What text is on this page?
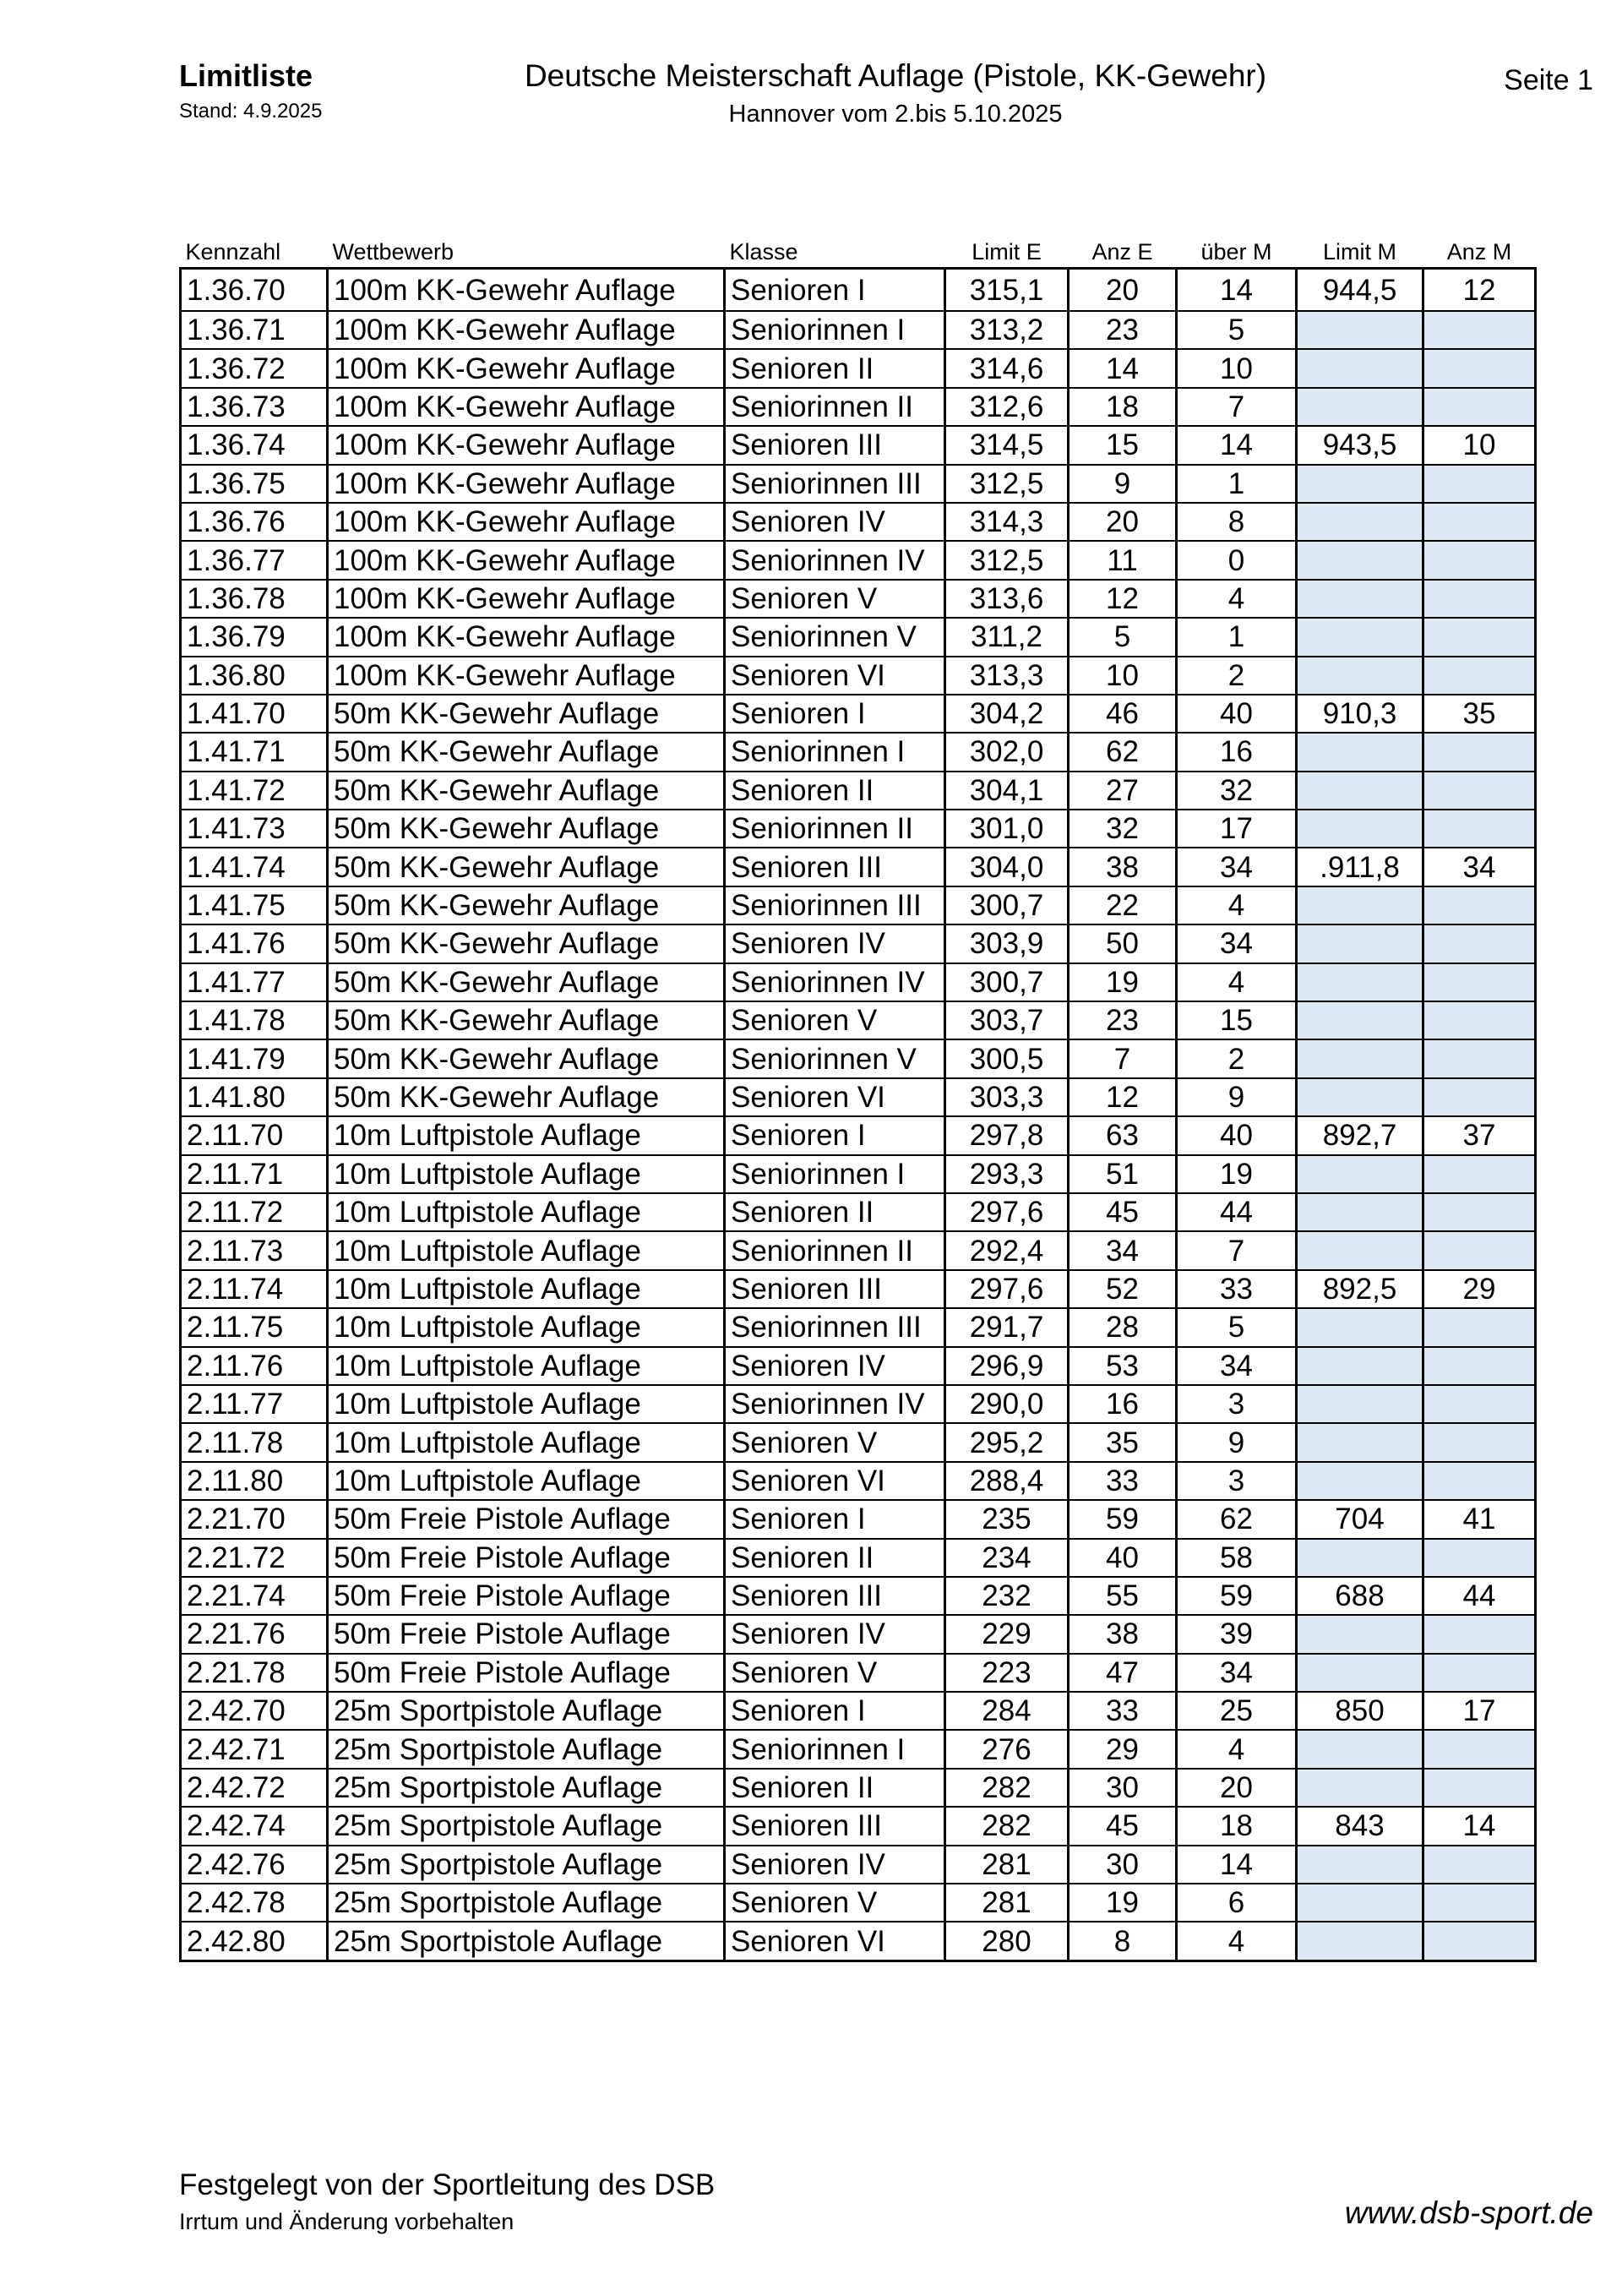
Limitliste
Stand: 4.9.2025
Deutsche Meisterschaft Auflage (Pistole, KK-Gewehr)
Hannover vom 2.bis 5.10.2025
Seite 1
Kennzahl	Wettbewerb	Klasse	Limit E	Anz E	über M	Limit M	Anz M
1.36.70	100m KK-Gewehr Auflage	Senioren I	315,1	20	14	944,5	12
1.36.71	100m KK-Gewehr Auflage	Seniorinnen I	313,2	23	5		
1.36.72	100m KK-Gewehr Auflage	Senioren II	314,6	14	10		
1.36.73	100m KK-Gewehr Auflage	Seniorinnen II	312,6	18	7		
1.36.74	100m KK-Gewehr Auflage	Senioren III	314,5	15	14	943,5	10
1.36.75	100m KK-Gewehr Auflage	Seniorinnen III	312,5	9	1		
1.36.76	100m KK-Gewehr Auflage	Senioren IV	314,3	20	8		
1.36.77	100m KK-Gewehr Auflage	Seniorinnen IV	312,5	11	0		
1.36.78	100m KK-Gewehr Auflage	Senioren V	313,6	12	4		
1.36.79	100m KK-Gewehr Auflage	Seniorinnen V	311,2	5	1		
1.36.80	100m KK-Gewehr Auflage	Senioren VI	313,3	10	2		
1.41.70	50m KK-Gewehr Auflage	Senioren I	304,2	46	40	910,3	35
1.41.71	50m KK-Gewehr Auflage	Seniorinnen I	302,0	62	16		
1.41.72	50m KK-Gewehr Auflage	Senioren II	304,1	27	32		
1.41.73	50m KK-Gewehr Auflage	Seniorinnen II	301,0	32	17		
1.41.74	50m KK-Gewehr Auflage	Senioren III	304,0	38	34	.911,8	34
1.41.75	50m KK-Gewehr Auflage	Seniorinnen III	300,7	22	4		
1.41.76	50m KK-Gewehr Auflage	Senioren IV	303,9	50	34		
1.41.77	50m KK-Gewehr Auflage	Seniorinnen IV	300,7	19	4		
1.41.78	50m KK-Gewehr Auflage	Senioren V	303,7	23	15		
1.41.79	50m KK-Gewehr Auflage	Seniorinnen V	300,5	7	2		
1.41.80	50m KK-Gewehr Auflage	Senioren VI	303,3	12	9		
2.11.70	10m Luftpistole Auflage	Senioren I	297,8	63	40	892,7	37
2.11.71	10m Luftpistole Auflage	Seniorinnen I	293,3	51	19		
2.11.72	10m Luftpistole Auflage	Senioren II	297,6	45	44		
2.11.73	10m Luftpistole Auflage	Seniorinnen II	292,4	34	7		
2.11.74	10m Luftpistole Auflage	Senioren III	297,6	52	33	892,5	29
2.11.75	10m Luftpistole Auflage	Seniorinnen III	291,7	28	5		
2.11.76	10m Luftpistole Auflage	Senioren IV	296,9	53	34		
2.11.77	10m Luftpistole Auflage	Seniorinnen IV	290,0	16	3		
2.11.78	10m Luftpistole Auflage	Senioren V	295,2	35	9		
2.11.80	10m Luftpistole Auflage	Senioren VI	288,4	33	3		
2.21.70	50m Freie Pistole Auflage	Senioren I	235	59	62	704	41
2.21.72	50m Freie Pistole Auflage	Senioren II	234	40	58		
2.21.74	50m Freie Pistole Auflage	Senioren III	232	55	59	688	44
2.21.76	50m Freie Pistole Auflage	Senioren IV	229	38	39		
2.21.78	50m Freie Pistole Auflage	Senioren V	223	47	34		
2.42.70	25m Sportpistole Auflage	Senioren I	284	33	25	850	17
2.42.71	25m Sportpistole Auflage	Seniorinnen I	276	29	4		
2.42.72	25m Sportpistole Auflage	Senioren II	282	30	20		
2.42.74	25m Sportpistole Auflage	Senioren III	282	45	18	843	14
2.42.76	25m Sportpistole Auflage	Senioren IV	281	30	14		
2.42.78	25m Sportpistole Auflage	Senioren V	281	19	6		
2.42.80	25m Sportpistole Auflage	Senioren VI	280	8	4		
Festgelegt von der Sportleitung des DSB
Irrtum und Änderung vorbehalten	www.dsb-sport.de
